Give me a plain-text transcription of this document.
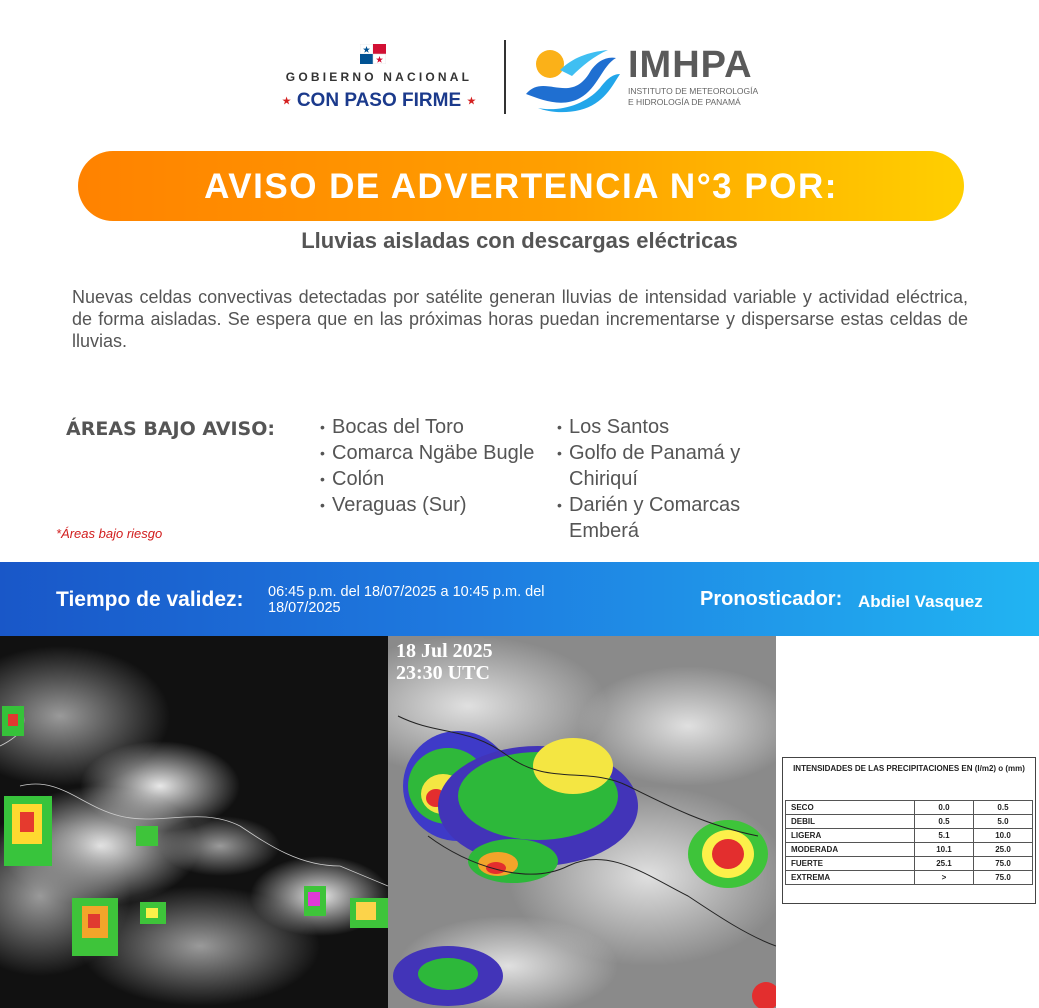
GOBIERNO NACIONAL
★ CON PASO FIRME ★
IMHPA
INSTITUTO DE METEOROLOGÍA
E HIDROLOGÍA DE PANAMÁ
AVISO DE ADVERTENCIA N°3 POR:
Lluvias aisladas con descargas eléctricas

Nuevas celdas convectivas detectadas por satélite generan lluvias de intensidad variable y actividad eléctrica, de forma aisladas. Se espera que en las próximas horas puedan incrementarse y dispersarse estas celdas de lluvias.

ÁREAS BAJO AVISO:	• Bocas del Toro
• Comarca Ngäbe Bugle
• Colón
• Veraguas (Sur)
• Los Santos
• Golfo de Panamá y Chiriquí
• Darién y Comarcas Emberá
*Áreas bajo riesgo
Tiempo de validez: 06:45 p.m. del 18/07/2025 a 10:45 p.m. del 18/07/2025	Pronosticador: Abdiel Vasquez
18 Jul 2025
23:30 UTC
INTENSIDADES DE LAS PRECIPITACIONES EN (l/m2) o (mm)
SECO	0.0	0.5
DEBIL	0.5	5.0
LIGERA	5.1	10.0
MODERADA	10.1	25.0
FUERTE	25.1	75.0
EXTREMA	>	75.0
